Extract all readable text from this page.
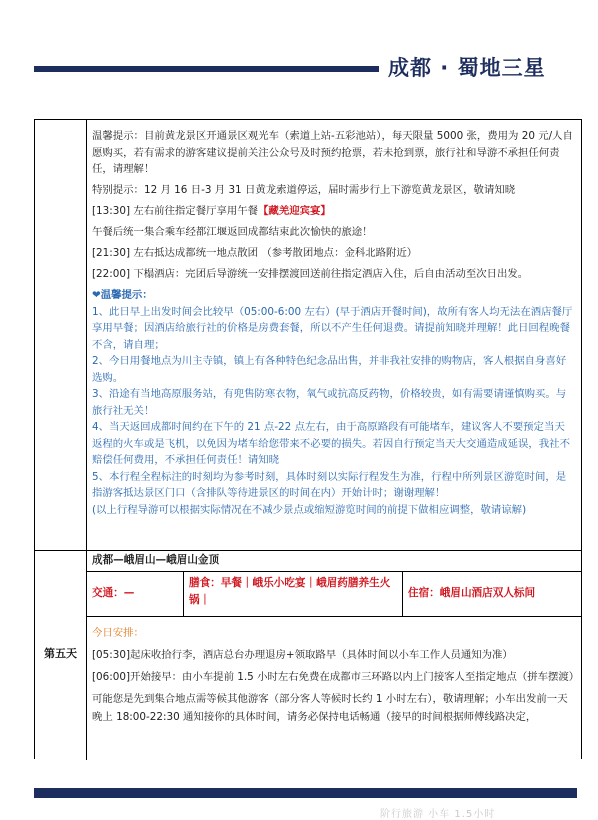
成都 · 蜀地三星

温馨提示：目前黄龙景区开通景区观光车（索道上站-五彩池站），每天限量 5000 张，费用为 20 元/人自愿购买，若有需求的游客建议提前关注公众号及时预约抢票，若未抢到票，旅行社和导游不承担任何责任，请理解！

特别提示：12 月 16 日-3 月 31 日黄龙索道停运，届时需步行上下游览黄龙景区，敬请知晓

[13:30] 左右前往指定餐厅享用午餐【藏羌迎宾宴】

午餐后统一集合乘车经都江堰返回成都结束此次愉快的旅途！

[21:30] 左右抵达成都统一地点散团 （参考散团地点：金科北路附近）

[22:00] 下榻酒店：完团后导游统一安排摆渡回送前往指定酒店入住，后自由活动至次日出发。

❤温馨提示：

1、此日早上出发时间会比较早（05:00-6:00 左右）(早于酒店开餐时间)，故所有客人均无法在酒店餐厅享用早餐；因酒店给旅行社的价格是房费套餐，所以不产生任何退费。请提前知晓并理解！此日回程晚餐不含，请自理；

2、今日用餐地点为川主寺镇，镇上有各种特色纪念品出售，并非我社安排的购物店，客人根据自身喜好选购。

3、沿途有当地高原服务站，有兜售防寒衣物，氧气或抗高反药物，价格较贵，如有需要请谨慎购买。与旅行社无关！

4、当天返回成都时间约在下午的 21 点-22 点左右，由于高原路段有可能堵车，建议客人不要预定当天返程的火车或是飞机，以免因为堵车给您带来不必要的损失。若因自行预定当天大交通造成延误，我社不赔偿任何费用，不承担任何责任！请知晓

5、本行程全程标注的时刻均为参考时刻，具体时刻以实际行程发生为准，行程中所列景区游览时间，是指游客抵达景区门口（含排队等待进景区的时间在内）开始计时；谢谢理解！

(以上行程导游可以根据实际情况在不减少景点或缩短游览时间的前提下做相应调整，敬请谅解)

成都—峨眉山—峨眉山金顶
交通：—
膳食：早餐｜峨乐小吃宴｜峨眉药膳养生火锅｜
住宿：峨眉山酒店双人标间
第五天

今日安排：

[05:30]起床收拾行李，酒店总台办理退房+领取路早（具体时间以小车工作人员通知为准）

[06:00]开始接早：由小车提前 1.5 小时左右免费在成都市三环路以内上门接客人至指定地点（拼车摆渡）

可能您是先到集合地点需等候其他游客（部分客人等候时长约 1 小时左右），敬请理解；小车出发前一天晚上 18:00-22:30 通知接你的具体时间，请务必保持电话畅通（接早的时间根据师傅线路决定，

阶行旅游 小车 1.5小时
